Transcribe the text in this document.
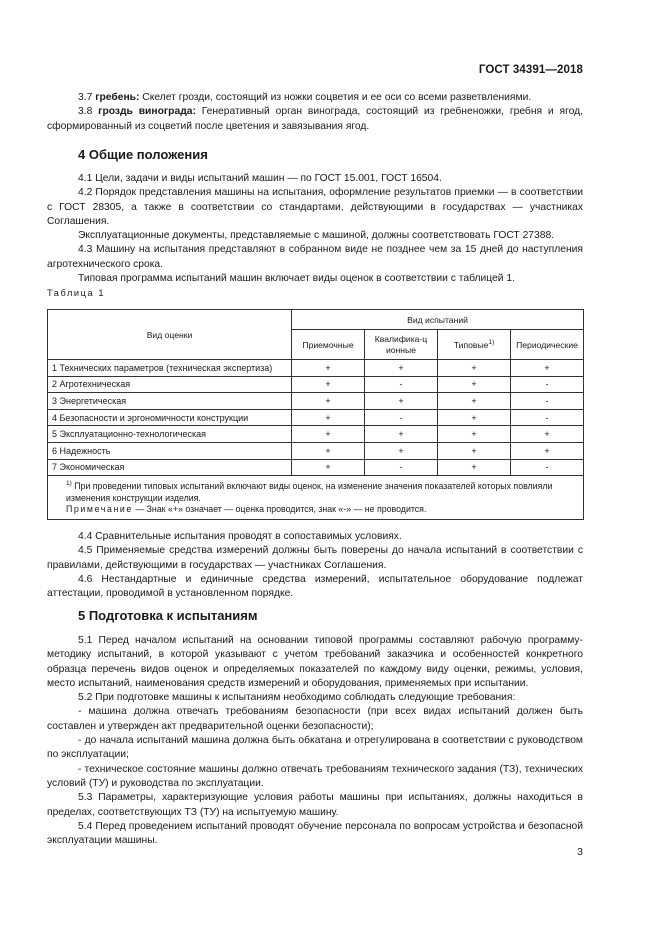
ГОСТ 34391—2018

3.7 гребень: Скелет грозди, состоящий из ножки соцветия и ее оси со всеми разветвлениями.

3.8 гроздь винограда: Генеративный орган винограда, состоящий из гребненожки, гребня и ягод, сформированный из соцветий после цветения и завязывания ягод.

4 Общие положения

4.1 Цели, задачи и виды испытаний машин — по ГОСТ 15.001, ГОСТ 16504.

4.2 Порядок представления машины на испытания, оформление результатов приемки — в соответствии с ГОСТ 28305, а также в соответствии со стандартами, действующими в государствах — участниках Соглашения.

Эксплуатационные документы, представляемые с машиной, должны соответствовать ГОСТ 27388.

4.3 Машину на испытания представляют в собранном виде не позднее чем за 15 дней до наступления агротехнического срока.

Типовая программа испытаний машин включает виды оценок в соответствии с таблицей 1.

Таблица 1
Вид оценки	Вид испытаний			
	Приемочные	Квалифика-ционные	Типовые$^{1)}$	Периодические
1 Технических параметров (техническая экспертиза)	+	+	+	+
2 Агротехническая	+	-	+	-
3 Энергетическая	+	+	+	-
4 Безопасности и эргономичности конструкции	+	-	+	-
5 Эксплуатационно-технологическая	+	+	+	+
6 Надежность	+	+	+	+
7 Экономическая	+	-	+	-

$^{1)}$ При проведении типовых испытаний включают виды оценок, на изменение значения показателей которых повлияли изменения конструкции изделия.
Примечание — Знак «+» означает — оценка проводится, знак «-» — не проводится.				

4.4 Сравнительные испытания проводят в сопоставимых условиях.

4.5 Применяемые средства измерений должны быть поверены до начала испытаний в соответствии с правилами, действующими в государствах — участниках Соглашения.

4.6 Нестандартные и единичные средства измерений, испытательное оборудование подлежат аттестации, проводимой в установленном порядке.

5 Подготовка к испытаниям

5.1 Перед началом испытаний на основании типовой программы составляют рабочую программу-методику испытаний, в которой указывают с учетом требований заказчика и особенностей конкретного образца перечень видов оценок и определяемых показателей по каждому виду оценки, режимы, условия, место испытаний, наименования средств измерений и оборудования, применяемых при испытании.

5.2 При подготовке машины к испытаниям необходимо соблюдать следующие требования:

- машина должна отвечать требованиям безопасности (при всех видах испытаний должен быть составлен и утвержден акт предварительной оценки безопасности);

- до начала испытаний машина должна быть обкатана и отрегулирована в соответствии с руководством по эксплуатации;

- техническое состояние машины должно отвечать требованиям технического задания (ТЗ), технических условий (ТУ) и руководства по эксплуатации.

5.3 Параметры, характеризующие условия работы машины при испытаниях, должны находиться в пределах, соответствующих ТЗ (ТУ) на испытуемую машину.

5.4 Перед проведением испытаний проводят обучение персонала по вопросам устройства и безопасной эксплуатации машины.

3
